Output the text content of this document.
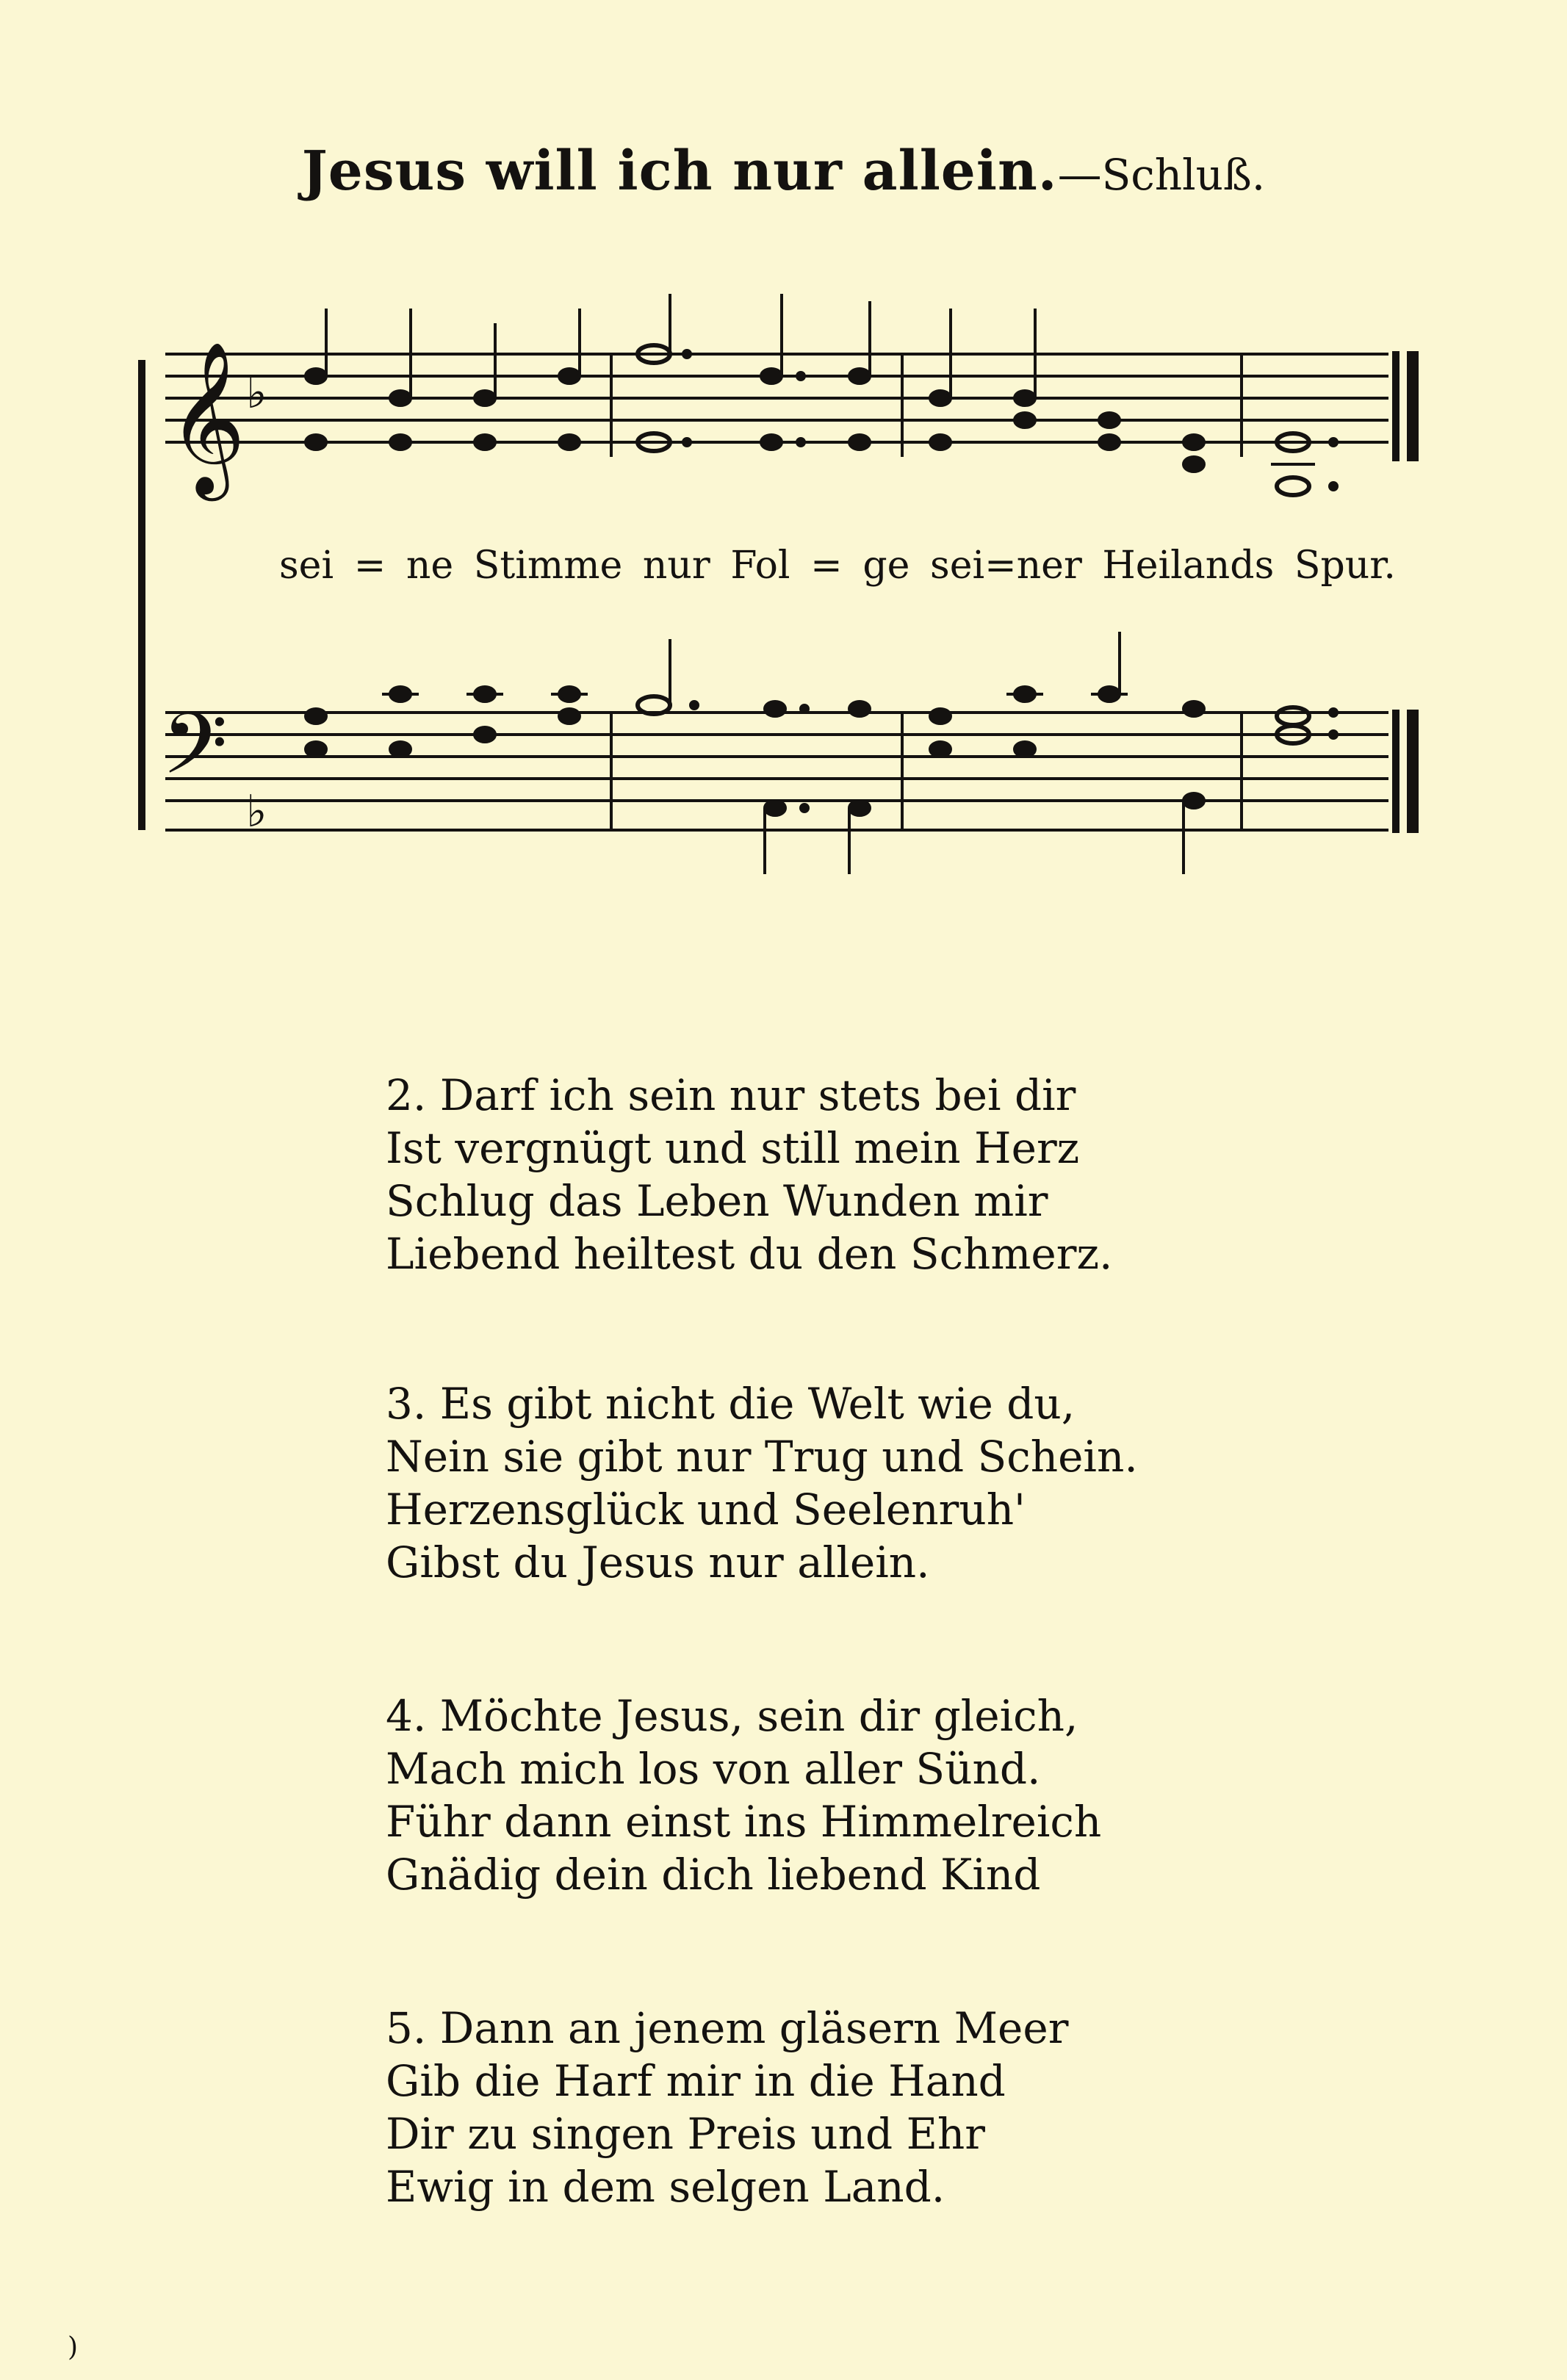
Jesus will ich nur allein.—Schluß.
𝄞 ♭
𝄢 ♭
sei = ne Stimme nur Fol = ge sei=ner Heilands Spur.
2. Darf ich sein nur stets bei dir
Ist vergnügt und still mein Herz
Schlug das Leben Wunden mir
Liebend heiltest du den Schmerz.
3. Es gibt nicht die Welt wie du,
Nein sie gibt nur Trug und Schein.
Herzensglück und Seelenruh'
Gibst du Jesus nur allein.
4. Möchte Jesus, sein dir gleich,
Mach mich los von aller Sünd.
Führ dann einst ins Himmelreich
Gnädig dein dich liebend Kind
5. Dann an jenem gläsern Meer
Gib die Harf mir in die Hand
Dir zu singen Preis und Ehr
Ewig in dem selgen Land.
)
